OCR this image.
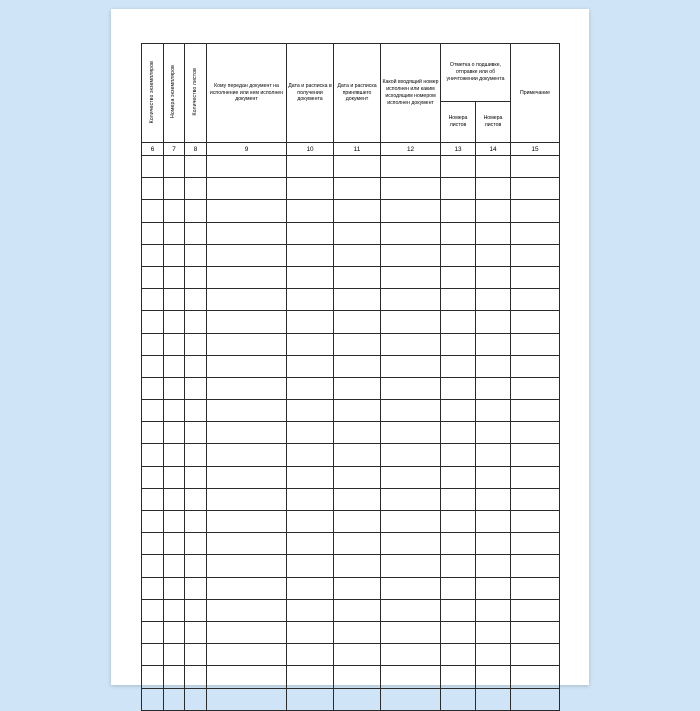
Количество экземпляров	Номера экземпляров	Количество листов	Кому передан документ на исполнение или кем исполнен документ	Дата и расписка в получении документа	Дата и расписка принявшего документ	Какой входящий номер исполнен или каким исходящим номером исполнен документ	Отметка о подшивке, отправке или об уничтожении документа		Примечание
							Номера листов	Номера листов	
6	7	8	9	10	11	12	13	14	15
